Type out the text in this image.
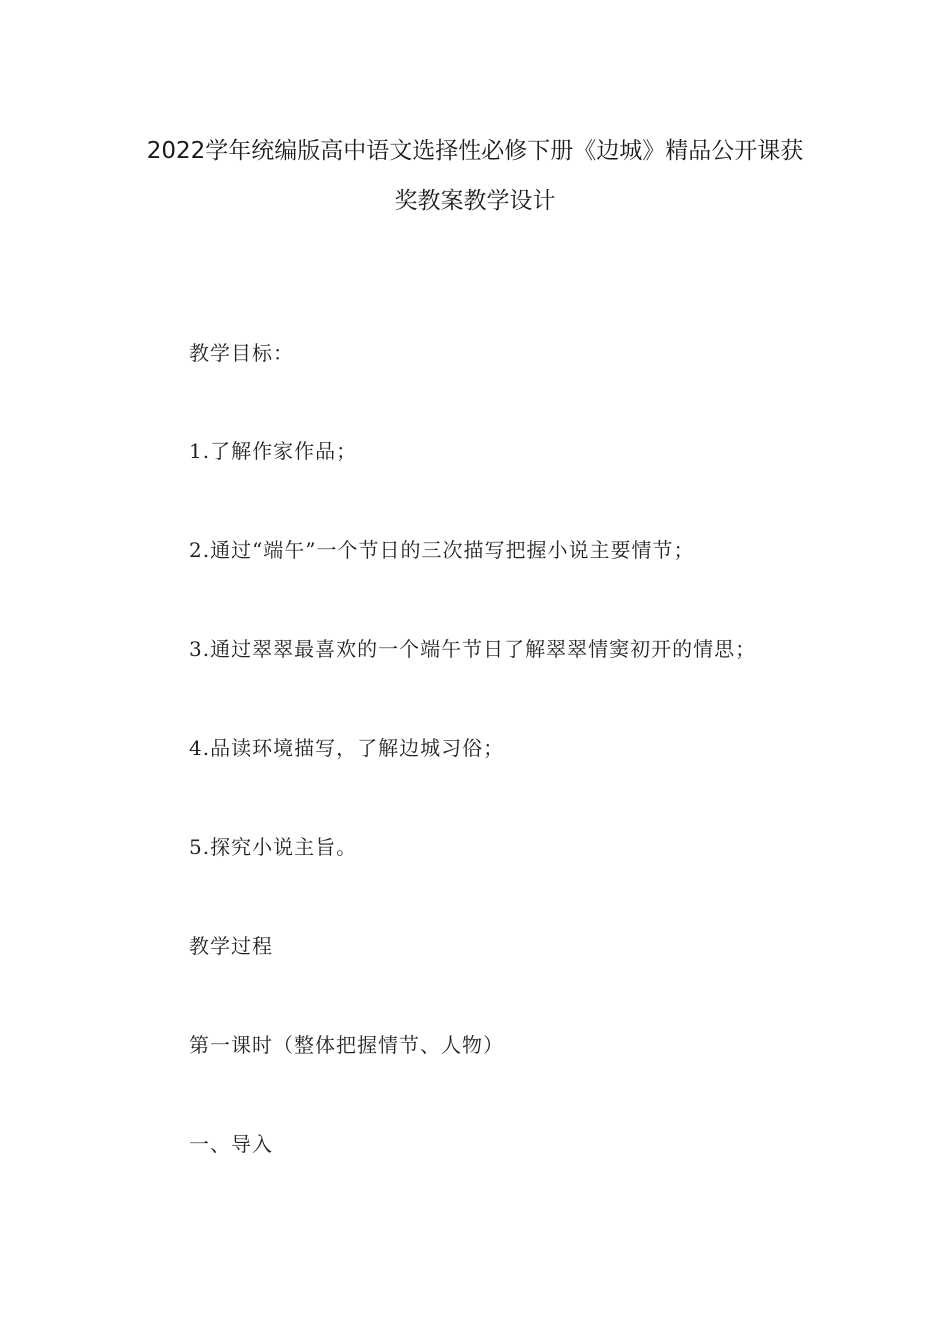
2022学年统编版高中语文选择性必修下册《边城》精品公开课获
奖教案教学设计
教学目标：
1.了解作家作品；
2.通过“端午”一个节日的三次描写把握小说主要情节；
3.通过翠翠最喜欢的一个端午节日了解翠翠情窦初开的情思；
4.品读环境描写，了解边城习俗；
5.探究小说主旨。
教学过程
第一课时（整体把握情节、人物）
一、导入
